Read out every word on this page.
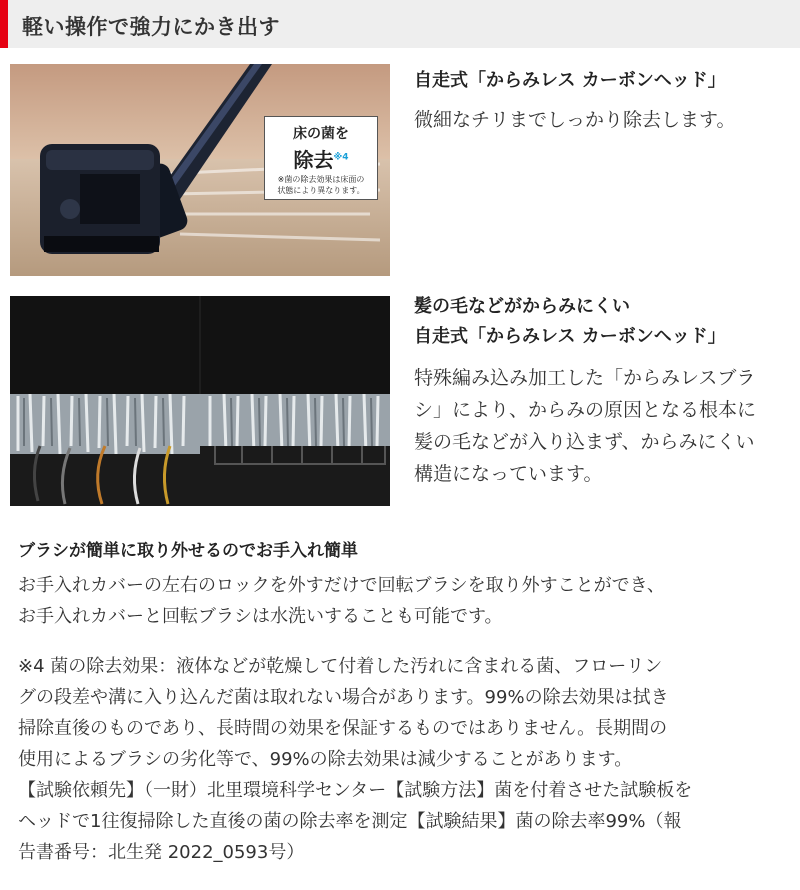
軽い操作で強力にかき出す
床の菌を
除去$^{※4}$
※菌の除去効果は床面の
状態により異なります。
自走式「からみレス カーボンヘッド」
微細なチリまでしっかり除去します。
髪の毛などがからみにくい
自走式「からみレス カーボンヘッド」
特殊編み込み加工した「からみレスブラ
シ」により、からみの原因となる根本に
髪の毛などが入り込まず、からみにくい
構造になっています。
ブラシが簡単に取り外せるのでお手入れ簡単
お手入れカバーの左右のロックを外すだけで回転ブラシを取り外すことができ、
お手入れカバーと回転ブラシは水洗いすることも可能です。
※4 菌の除去効果：液体などが乾燥して付着した汚れに含まれる菌、フローリン
グの段差や溝に入り込んだ菌は取れない場合があります。99%の除去効果は拭き
掃除直後のものであり、長時間の効果を保証するものではありません。長期間の
使用によるブラシの劣化等で、99%の除去効果は減少することがあります。
【試験依頼先】（一財）北里環境科学センター【試験方法】菌を付着させた試験板を
ヘッドで1往復掃除した直後の菌の除去率を測定【試験結果】菌の除去率99%（報
告書番号：北生発 2022_0593号）
